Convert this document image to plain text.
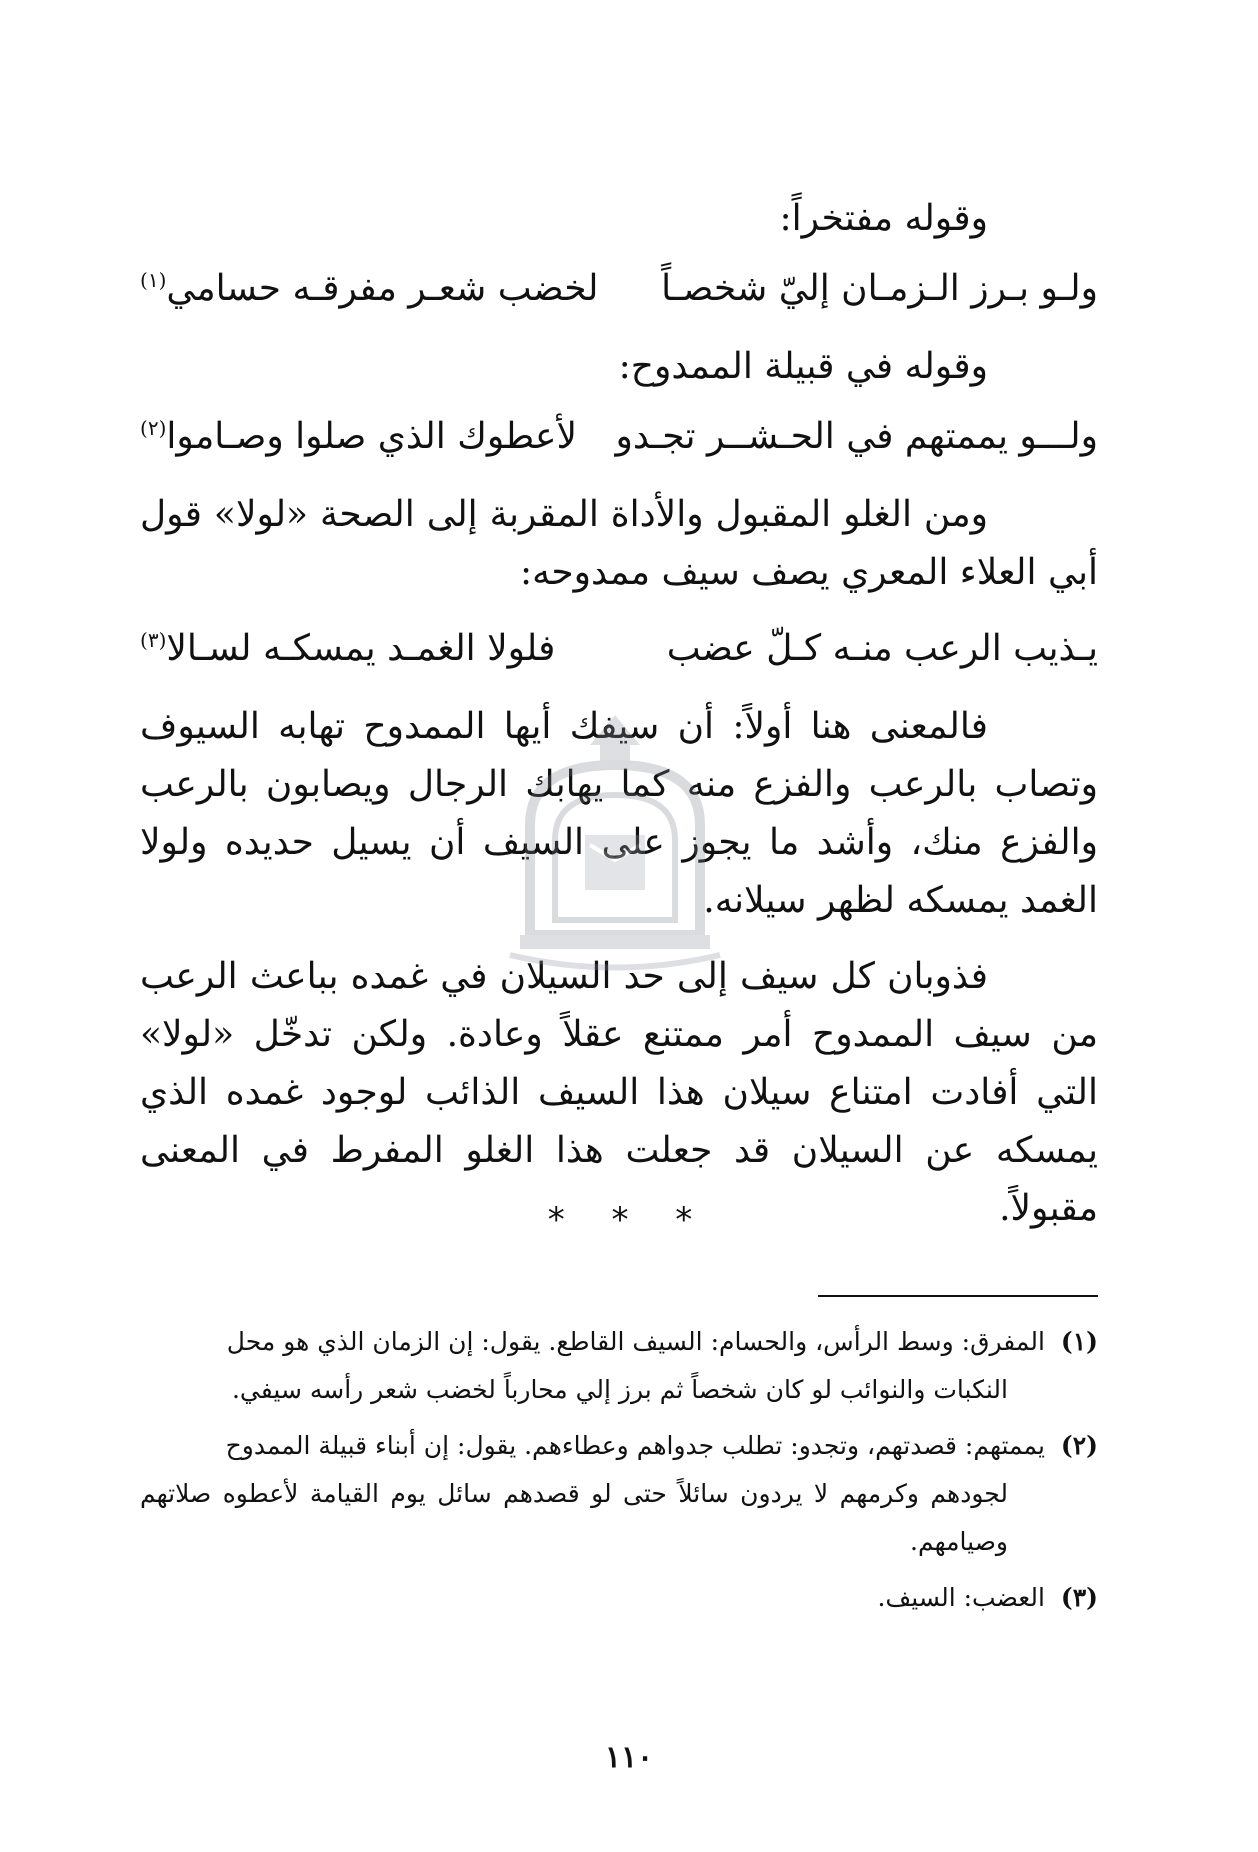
وقوله مفتخراً:
ولـو بـرز الـزمـان إليّ شخصـاً
لخضب شعـر مفرقـه حسامي$^{(١)}$
وقوله في قبيلة الممدوح:
ولـــو يممتهم في الحـشــر تجـدو
لأعطوك الذي صلوا وصـاموا$^{(٢)}$
ومن الغلو المقبول والأداة المقربة إلى الصحة «لولا» قول أبي العلاء المعري يصف سيف ممدوحه:
يـذيب الرعب منـه كـلّ عضب
فلولا الغمـد يمسكـه لسـالا$^{(٣)}$
فالمعنى هنا أولاً: أن سيفك أيها الممدوح تهابه السيوف وتصاب بالرعب والفزع منه كما يهابك الرجال ويصابون بالرعب والفزع منك، وأشد ما يجوز على السيف أن يسيل حديده ولولا الغمد يمسكه لظهر سيلانه.
فذوبان كل سيف إلى حد السيلان في غمده بباعث الرعب من سيف الممدوح أمر ممتنع عقلاً وعادة. ولكن تدخّل «لولا» التي أفادت امتناع سيلان هذا السيف الذائب لوجود غمده الذي يمسكه عن السيلان قد جعلت هذا الغلو المفرط في المعنى مقبولاً.
* * *
(١) المفرق: وسط الرأس، والحسام: السيف القاطع. يقول: إن الزمان الذي هو محل
النكبات والنوائب لو كان شخصاً ثم برز إلي محارباً لخضب شعر رأسه سيفي.
(٢) يممتهم: قصدتهم، وتجدو: تطلب جدواهم وعطاءهم. يقول: إن أبناء قبيلة الممدوح
لجودهم وكرمهم لا يردون سائلاً حتى لو قصدهم سائل يوم القيامة لأعطوه صلاتهم وصيامهم.
(٣) العضب: السيف.
١١٠
